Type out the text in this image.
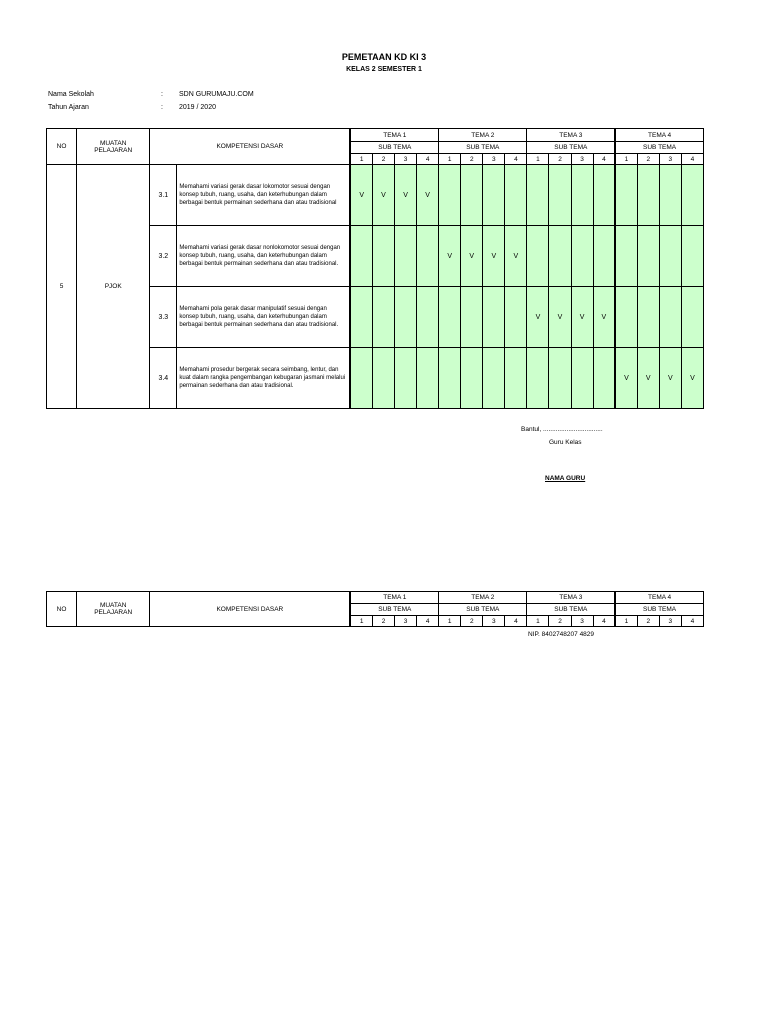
PEMETAAN KD KI 3
KELAS 2 SEMESTER 1
Nama Sekolah	: SDN GURUMAJU.COM
Tahun Ajaran	: 2019 / 2020
NO	MUATAN
PELAJARAN	KOMPETENSI DASAR		TEMA 1				TEMA 2				TEMA 3				TEMA 4			
				SUB TEMA				SUB TEMA				SUB TEMA				SUB TEMA			
				1	2	3	4	1	2	3	4	1	2	3	4	1	2	3	4
5	PJOK	3.1	Memahami variasi gerak dasar lokomotor sesuai dengan konsep tubuh, ruang, usaha, dan keterhubungan dalam berbagai bentuk permainan sederhana dan atau tradisional	V	V	V	V												
		3.2	Memahami variasi gerak dasar nonlokomotor sesuai dengan konsep tubuh, ruang, usaha, dan keterhubungan dalam berbagai bentuk permainan sederhana dan atau tradisional.					V	V	V	V								
		3.3	Memahami pola gerak dasar manipulatif sesuai dengan konsep tubuh, ruang, usaha, dan keterhubungan dalam berbagai bentuk permainan sederhana dan atau tradisional.									V	V	V	V				
		3.4	Memahami prosedur bergerak secara seimbang, lentur, dan kuat dalam rangka pengembangan kebugaran jasmani melalui permainan sederhana dan atau tradisional.													V	V	V	V
Bantul, .................................
Guru Kelas
NAMA GURU
NO	MUATAN
PELAJARAN	KOMPETENSI DASAR	TEMA 1				TEMA 2				TEMA 3				TEMA 4			
			SUB TEMA				SUB TEMA				SUB TEMA				SUB TEMA			
			1	2	3	4	1	2	3	4	1	2	3	4	1	2	3	4
NIP. 8402748207 4829
